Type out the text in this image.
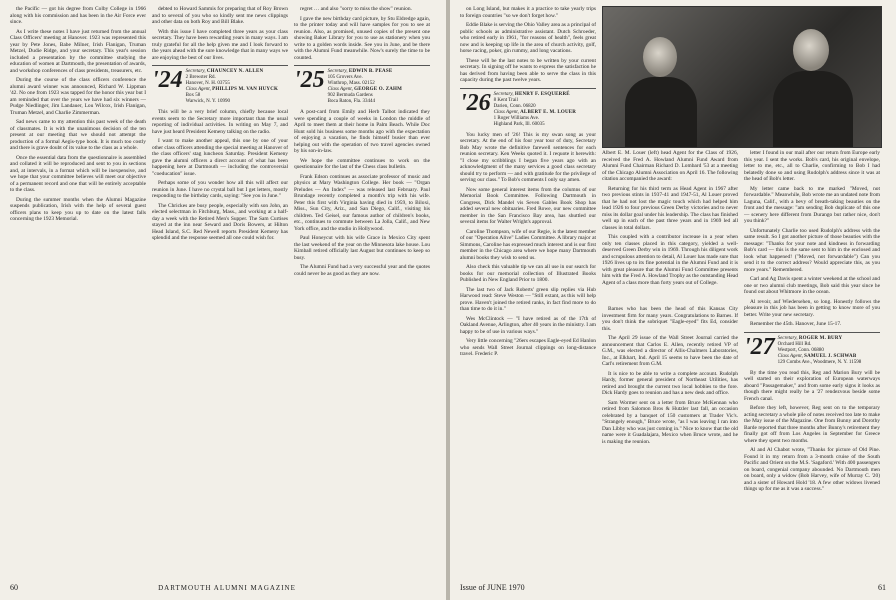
the Pacific — got his degree from Colby College in 1966 along with his commission and has been in the Air Force ever since.

As I write these notes I have just returned from the annual Class Officers' meeting at Hanover. 1923 was represented this year by Pete Jones, Babe Milner, Irish Flanigan, Truman Metzel, Dudie Ridge, and your secretary. This year's session included a presentation by the committee studying the education of women at Dartmouth, the presentation of awards, and workshop conferences of class presidents, treasurers, etc.

During the course of the class officers conference the alumni award winner was announced, Richard W. Lippman '42. No one from 1923 was tapped for the honor this year but I am reminded that over the years we have had six winners — Pudge Niedlinger, Jim Landauer, Lou Wilcox, Irish Flanigan, Truman Metzel, and Charlie Zimmerman.

Sad news came to my attention this past week of the death of classmates. It is with the unanimous decision of the ten present at our meeting that we should not attempt the production of a formal Aegis-type book. It is much too costly and there is grave doubt of its value to the class as a whole.

Once the essential data from the questionnaire is assembled and collated it will be reproduced and sent to you in sections and, at intervals, in a format which will be inexpensive, and we hope that your committee believes will meet our objective of a permanent record and one that will be entirely acceptable to the class.

During the summer months when the Alumni Magazine suspends publication, Irish with the help of several guest officers plans to keep you up to date on the latest falls concerning the 1923 Memorial.

debted to Howard Sammis for preparing that of Roy Brown and to several of you who so kindly sent me news clippings and other data on both Roy and Bill Blake.

With this issue I have completed three years as your class secretary. They have been rewarding years in many ways. I am truly grateful for all the help given me and I look forward to the years ahead with the sure knowledge that in many ways we are enjoying the best of our lives.

'24 Secretary, CHAUNCEY N. ALLEN
2 Brewster Rd.
Hanover, N. H. 03755
Class Agent, PHILLIPS M. VAN HUYCK
Box 58
Warwick, N. Y. 10990

This will be a very brief column, chiefly because local events seem to the Secretary more important than the usual reporting of individual activities. In writing on May 7, and have just heard President Kemeny talking on the radio.

I want to make another appeal, this one by one of your other class officers attending the special meeting at Hanover of the class officers' stag luncheon Saturday. President Kemeny gave the alumni officers a direct account of what has been happening here at Dartmouth — including the controversial "coeducation" issue.

Perhaps some of you wonder how all this will affect our reunion in June. I have no crystal ball but I get letters, mostly responding to the birthday cards, saying: "See you in June."

The Chrickes are busy people, especially with son John, an elected selectman in Fitchburg, Mass., and working at a half-day a week with the Retired Men's Supper. The Sam Curtises stayed at the inn near Seward and Doris Bowers, at Hilton Head Island, S.C. Red Newell reports President Kemeny has splendid and the response seemed all one could wish for.

regret … and also "sorry to miss the show" reunion.

I gave the new birthday card picture, by Stu Eldredge again, to the printer today and will have samples for you to see at reunion. Also, as promised, unused copies of the present one showing Baker Library for you to use as stationery when you write to a golden words inside. See you in June, and be there with the Alumni Fund meanwhile. Now's surely the time to be counted.

'25 Secretary, EDWIN B. PEASE
105 Grovers Ave.
Winthrop, Mass. 02152
Class Agent, GEORGE O. ZAHM
902 Bermuda Gardens
Boca Raton, Fla. 33444

A post-card from Emily and Herb Talbot indicated they were spending a couple of weeks in London the middle of April to meet them at their home in Palm Beach. While Doc Hunt sold his business some months ago with the expectation of enjoying a vacation, he finds himself busier than ever helping out with the operation of two travel agencies owned by his son-in-law.

We hope the committee continues to work on the questionnaire for the last of the Chess class bulletin.

Frank Edson continues as associate professor of music and physics at Mary Washington College. Her book — "Organ Preludes — An Index" — was released last February. Paul Brundage recently completed a month's trip with his wife. Peter this first with Virginia having died in 1959, to Biloxi, Miss., Sun City, Ariz., and San Diego, Calif., visiting his children. Ted Geisel, our famous author of children's books, etc., continues to commute between La Jolla, Calif., and New York office, and the studio in Hollywood.

Paul Honeycut with his wife Grace in Mexico City spent the last weekend of the year on the Minnesota lake house. Lou Kimball retired officially last August but continues to keep so busy.

The Alumni Fund had a very successful year and the quotes could never be as good as they are now.

60	DARTMOUTH ALUMNI MAGAZINE

on Long Island, but makes it a practice to take yearly trips to foreign countries "so we don't forget how."

Eddie Blake is serving the Ohio Valley area as a principal of public schools as administrative assistant. Dutch Schroeder, who retired early in 1961, "for reasons of health", feels great now and is keeping up life in the area of church activity, golf, horse racing, poker, gin rummy, and long vacations.

These will be the last notes to be written by your current secretary. In signing off he wants to express the satisfaction he has derived from having been able to serve the class in this capacity during the past twelve years.

'26 Secretary, HENRY F. ESQUERRÉ
8 Kent Trail
Darien, Conn. 06820
Class Agent, ALBERT E. M. LOUER
1 Roger Williams Ave.
Highland Park, Ill. 60035

You lucky men of '26! This is my swan song as your secretary. At the end of his four year tour of duty, Secretary Bob May wrote the definitive farewell sentences for each reunion secretary. Ken Weeks quoted it. I requote it herewith: "I close my scribblings I began five years ago with an acknowledgment of the many services a good class secretary should try to perform — and with gratitude for the privilege of serving our class." To Bob's comments I only say amen.

Now some general interest items from the columns of our Memorial Book Committee. Following Dartmouth in Congress, Dick Mandel vis Seven Gables Book Shop has added several new obituaries. Fred Rowe, our new committee member in the San Francisco Bay area, has shuttled our several items for Walter Wright's approval.

Caroline Thompson, wife of our Regie, is the latest member of our "Operation Alive" Ladies Committee. A library major at Simmons, Caroline has expressed much interest and is our first member in the Chicago area where we hope many Dartmouth alumni books they wish to send us.

Also check this valuable tip we can all use in our search for books for our memorial collection of Illustrated Books Published in New England Prior to 1800.

The last two of Jack Roberts' green slip replies via Hub Harwood read: Steve Weston — "Still extant, as this will help prove. Haven't joined the retired ranks, in fact find more to do than time to do it in."

Wes McClintock — "I have retired as of the 17th of Oakland Avenue, Arlington, after 40 years in the ministry. I am happy to be of use in various ways."

Very little concerning "26ers escapes Eagle-eyed Ed Hanlon who sends Wall Street Journal clippings on long-distance travel. Frederic P.

Albert E. M. Louer (left) head Agent for the Class of 1926, received the Fred A. Howland Alumni Fund Award from Alumni Fund Chairman Richard D. Lombard '53 at a meeting of the Chicago Alumni Association on April 16. The following citation accompanied the award:

Returning for his third term as Head Agent in 1967 after two previous stints in 1937-41 and 1947-51, Al Louer proved that he had not lost the magic touch which had helped him lead 1926 to four previous Green Derby victories and to never miss its dollar goal under his leadership. The class has finished well up in each of the past three years and in 1969 led all classes in total dollars.

This coupled with a contributor increase in a year when only ten classes placed in this category, yielded a well-deserved Green Derby win in 1969. Through his diligent work and scrupulous attention to detail, Al Louer has made sure that 1926 lives up to its fine potential in the Alumni Fund and it is with great pleasure that the Alumni Fund Committee presents him with the Fred A. Howland Trophy as the outstanding Head Agent of a class more than forty years out of College.

Barnes who has been the head of this Kansas City investment firm for many years. Congratulations to Barnes. If you don't think the sobriquet "Eagle-eyed" fits Ed, consider this.

The April 29 issue of the Wall Street Journal carried the announcement that Carlos E. Allen, recently retired VP of G.M., was elected a director of Allis-Chalmers Laboratories, Inc., at Elkhart, Ind. April 15 seems to have been the date of Carl's retirement from G.M.

It is nice to be able to write a complete account. Rudolph Hardy, former general president of Northeast Utilities, has retired and brought the current two local hobbies to the fore. Dick Hardy goes to reunion and has a new desk and office.

Sam Wormer sent on a letter from Bruce McKennan who retired from Salomon Bros & Hutzler last fall, an occasion celebrated by a banquet of 150 customers at Trader Vic's. "Strangely enough," Bruce wrote, "as I was leaving I ran into Dan Libby who was just coming in." Nice to know that the old name were it Guadalajara, Mexico when Bruce wrote, and he is making the reunion.

letter I found in our mail after our return from Europe early this year. I sent the works. Bob's card, his original envelope, letter to me, etc., all to Charlie, confirming to Bob I had belatedly done so and using Rudolph's address since it was at the head of Bob's letter.

My letter came back to me marked "Moved, not forwardable." Meanwhile, Bob wrote me an undated note from Laguna, Calif., with a bevy of breath-taking beauties on the front and the message: "am sending Bob duplicate of this one — scenery here different from Durango but rather nice, don't you think?"

Unfortunately Charlie too used Rudolph's address with the same result. So I got another picture of those beauties with the message: "Thanks for your note and kindness in forwarding Bob's card — this is the same sent to him in the enclosed and look what happened! ("Moved, not forwardable") Can you send it to the correct address? Would appreciate this, as you more years." Remembered.

Carl and Ag Davis spent a winter weekend at the school and one or two alumni club meetings, Bob said this year since he found out about Whitmore in the ocean.

Al revoir, auf Wiedersehen, so long. Honestly follows the pleasure in this job has been in getting to know more of you better. Write your new secretary.

Remember the 45th. Hanover, June 15-17.

'27 Secretary, ROGER M. BURY
Orchard Hill Rd.
Westport, Conn. 06880
Class Agent, SAMUEL J. SCHWAB
129 Combs Ave., Woodmere, N. Y. 11598

By the time you read this, Reg and Marion Bury will be well started on their exploration of European waterways aboard "Passagemaker," and from some early signs it looks as though there might really be a '27 rendezvous beside some French canal.

Before they left, however, Reg sent on to the temporary acting secretary a whole pile of notes received too late to make the May issue of the Magazine. One from Bunny and Dorothy Barde reported that three months after Bunny's retirement they finally got off from Los Angeles in September for Greece where they spent two months.

Al and Al Chabot wrote, "Thanks for picture of Old Pine. Found it in my return from a 3-month cruise of the South Pacific and Orient on the M.S. 'Sagaford.' With 400 passengers on board, congenial company abounded. No Dartmouth men on board, only a widow (Bob Harvey, wife of Murray C. '20) and a sister of Howard Hold '18. A few other widows livened things up for me as it was a success."

Issue of JUNE 1970	61
